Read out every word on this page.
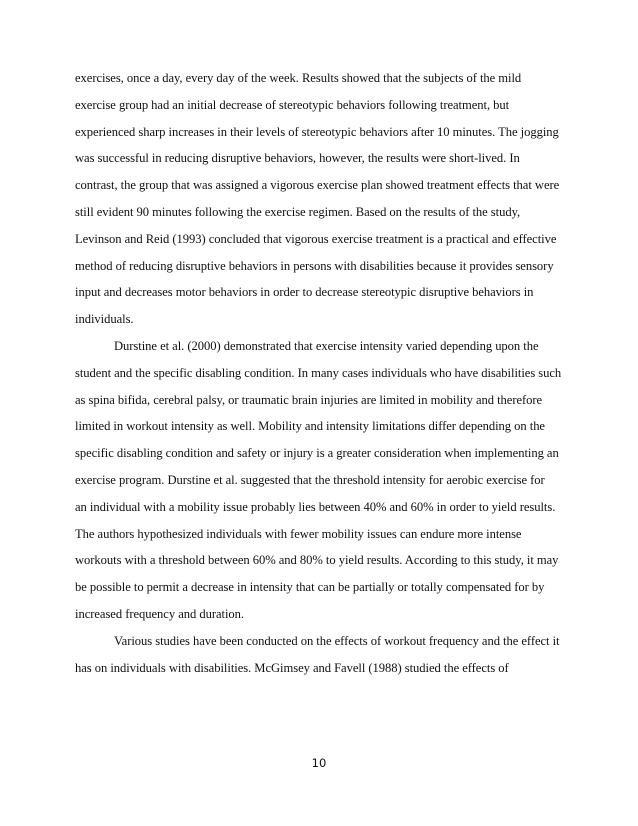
exercises, once a day, every day of the week. Results showed that the subjects of the mild
exercise group had an initial decrease of stereotypic behaviors following treatment, but
experienced sharp increases in their levels of stereotypic behaviors after 10 minutes. The jogging
was successful in reducing disruptive behaviors, however, the results were short-lived. In
contrast, the group that was assigned a vigorous exercise plan showed treatment effects that were
still evident 90 minutes following the exercise regimen. Based on the results of the study,
Levinson and Reid (1993) concluded that vigorous exercise treatment is a practical and effective
method of reducing disruptive behaviors in persons with disabilities because it provides sensory
input and decreases motor behaviors in order to decrease stereotypic disruptive behaviors in
individuals.
Durstine et al. (2000) demonstrated that exercise intensity varied depending upon the
student and the specific disabling condition. In many cases individuals who have disabilities such
as spina bifida, cerebral palsy, or traumatic brain injuries are limited in mobility and therefore
limited in workout intensity as well. Mobility and intensity limitations differ depending on the
specific disabling condition and safety or injury is a greater consideration when implementing an
exercise program. Durstine et al. suggested that the threshold intensity for aerobic exercise for
an individual with a mobility issue probably lies between 40% and 60% in order to yield results.
The authors hypothesized individuals with fewer mobility issues can endure more intense
workouts with a threshold between 60% and 80% to yield results. According to this study, it may
be possible to permit a decrease in intensity that can be partially or totally compensated for by
increased frequency and duration.
Various studies have been conducted on the effects of workout frequency and the effect it
has on individuals with disabilities. McGimsey and Favell (1988) studied the effects of
10
